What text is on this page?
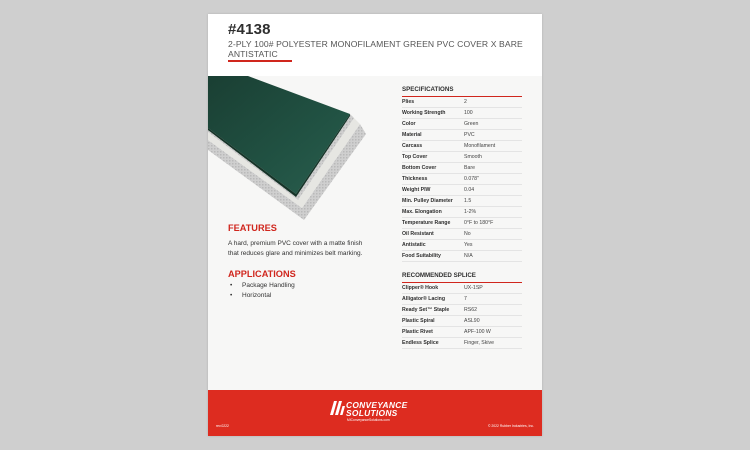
#4138
2-PLY 100# POLYESTER MONOFILAMENT GREEN PVC COVER X BARE ANTISTATIC
FEATURES
A hard, premium PVC cover with a matte finish that reduces glare and minimizes belt marking.
APPLICATIONS
• Package Handling
• Horizontal
SPECIFICATIONS
Plies	2
Working Strength	100
Color	Green
Material	PVC
Carcass	Monofilament
Top Cover	Smooth
Bottom Cover	Bare
Thickness	0.078"
Weight PIW	0.04
Min. Pulley Diameter	1.5
Max. Elongation	1-2%
Temperature Range	0°F to 180°F
Oil Resistant	No
Antistatic	Yes
Food Suitability	N/A
RECOMMENDED SPLICE
Clipper® Hook	UX-1SP
Alligator® Lacing	7
Ready Set™ Staple	RS62
Plastic Spiral	ASL90
Plastic Rivet	APF-100 W
Endless Splice	Finger, Skive
CONVEYANCE
SOLUTIONS
MIConveyanceSolutions.com
rev.0222	© 2022 Rubber Industries, Inc.
